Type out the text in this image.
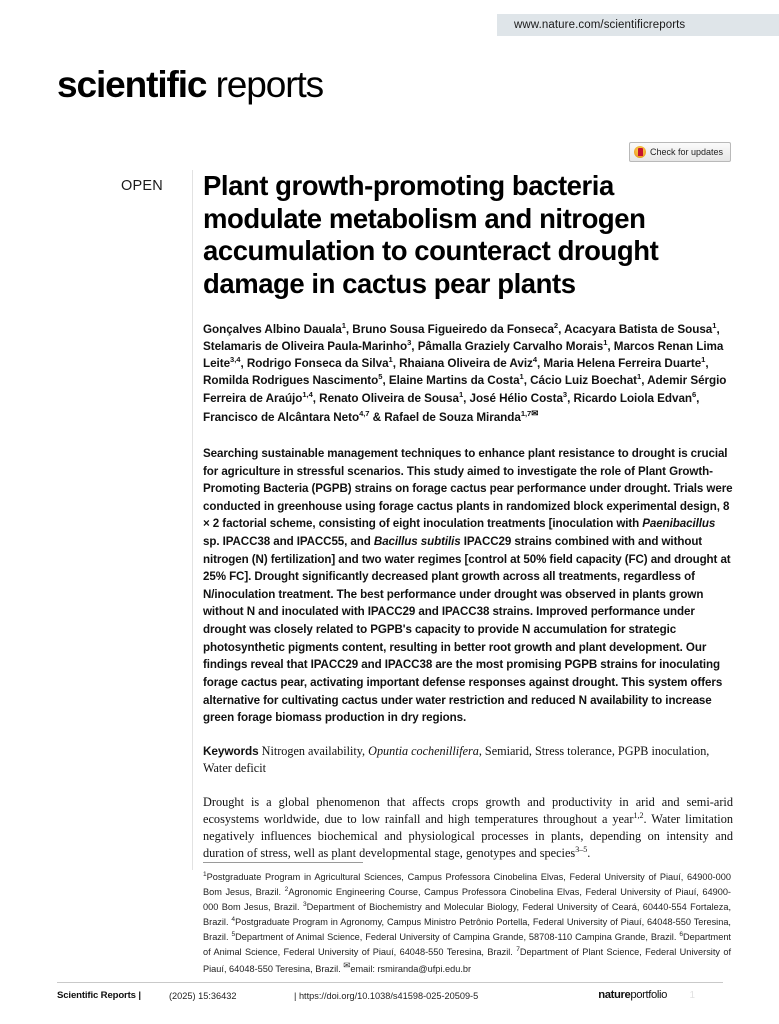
www.nature.com/scientificreports
scientific reports
Check for updates
OPEN Plant growth-promoting bacteria modulate metabolism and nitrogen accumulation to counteract drought damage in cactus pear plants
Gonçalves Albino Dauala$^1$, Bruno Sousa Figueiredo da Fonseca$^2$, Acacyara Batista de Sousa$^1$, Stelamaris de Oliveira Paula-Marinho$^3$, Pâmalla Graziely Carvalho Morais$^1$, Marcos Renan Lima Leite$^{3,4}$, Rodrigo Fonseca da Silva$^1$, Rhaiana Oliveira de Aviz$^4$, Maria Helena Ferreira Duarte$^1$, Romilda Rodrigues Nascimento$^5$, Elaine Martins da Costa$^1$, Cácio Luiz Boechat$^1$, Ademir Sérgio Ferreira de Araújo$^{1,4}$, Renato Oliveira de Sousa$^1$, José Hélio Costa$^3$, Ricardo Loiola Edvan$^6$, Francisco de Alcântara Neto$^{4,7}$ & Rafael de Souza Miranda$^{1,7✉}$
Searching sustainable management techniques to enhance plant resistance to drought is crucial for agriculture in stressful scenarios. This study aimed to investigate the role of Plant Growth-Promoting Bacteria (PGPB) strains on forage cactus pear performance under drought. Trials were conducted in greenhouse using forage cactus plants in randomized block experimental design, 8 × 2 factorial scheme, consisting of eight inoculation treatments [inoculation with Paenibacillus sp. IPACC38 and IPACC55, and Bacillus subtilis IPACC29 strains combined with and without nitrogen (N) fertilization] and two water regimes [control at 50% field capacity (FC) and drought at 25% FC]. Drought significantly decreased plant growth across all treatments, regardless of N/inoculation treatment. The best performance under drought was observed in plants grown without N and inoculated with IPACC29 and IPACC38 strains. Improved performance under drought was closely related to PGPB's capacity to provide N accumulation for strategic photosynthetic pigments content, resulting in better root growth and plant development. Our findings reveal that IPACC29 and IPACC38 are the most promising PGPB strains for inoculating forage cactus pear, activating important defense responses against drought. This system offers alternative for cultivating cactus under water restriction and reduced N availability to increase green forage biomass production in dry regions.
Keywords Nitrogen availability, Opuntia cochenillifera, Semiarid, Stress tolerance, PGPB inoculation, Water deficit
Drought is a global phenomenon that affects crops growth and productivity in arid and semi-arid ecosystems worldwide, due to low rainfall and high temperatures throughout a year$^{1,2}$. Water limitation negatively influences biochemical and physiological processes in plants, depending on intensity and duration of stress, well as plant developmental stage, genotypes and species$^{3-5}$.
$^1$Postgraduate Program in Agricultural Sciences, Campus Professora Cinobelina Elvas, Federal University of Piauí, 64900-000 Bom Jesus, Brazil. $^2$Agronomic Engineering Course, Campus Professora Cinobelina Elvas, Federal University of Piauí, 64900-000 Bom Jesus, Brazil. $^3$Department of Biochemistry and Molecular Biology, Federal University of Ceará, 60440-554 Fortaleza, Brazil. $^4$Postgraduate Program in Agronomy, Campus Ministro Petrônio Portella, Federal University of Piauí, 64048-550 Teresina, Brazil. $^5$Department of Animal Science, Federal University of Campina Grande, 58708-110 Campina Grande, Brazil. $^6$Department of Animal Science, Federal University of Piauí, 64048-550 Teresina, Brazil. $^7$Department of Plant Science, Federal University of Piauí, 64048-550 Teresina, Brazil. ✉email: rsmiranda@ufpi.edu.br
Scientific Reports |	(2025) 15:36432	| https://doi.org/10.1038/s41598-025-20509-5	natureportfolio 1
